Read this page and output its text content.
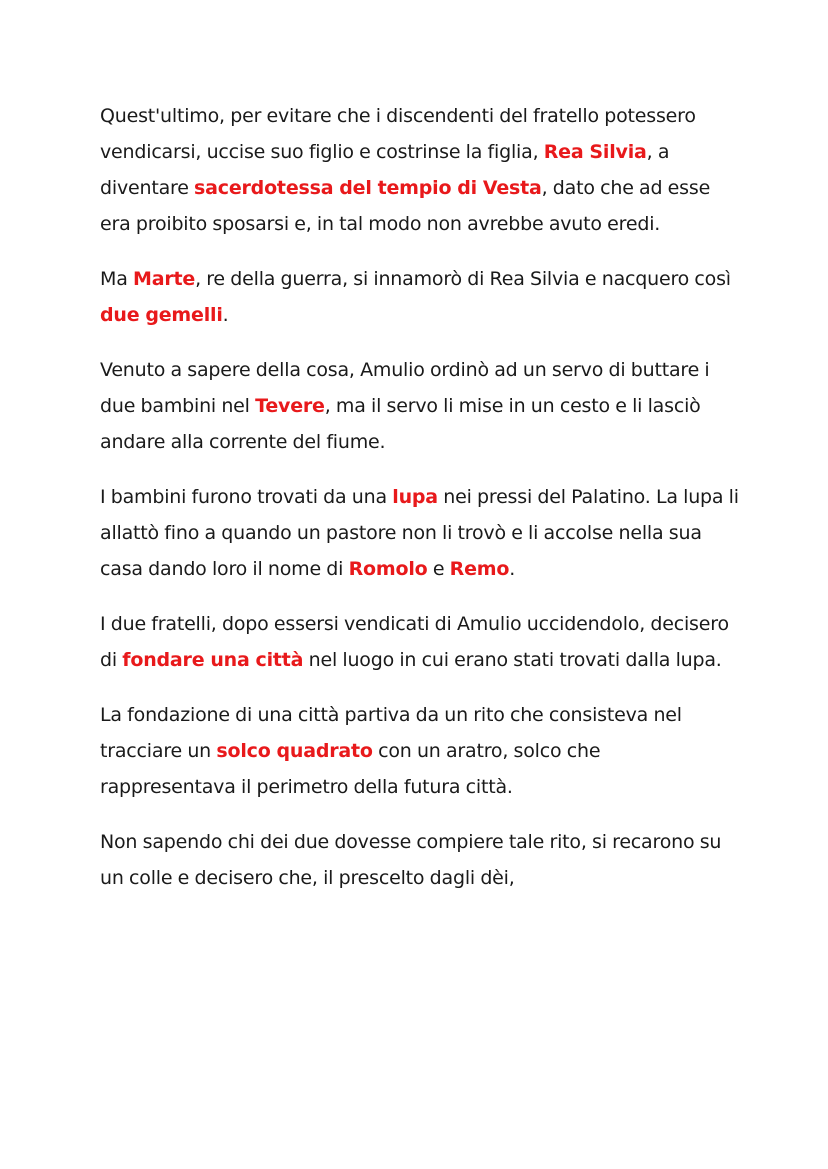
Quest'ultimo, per evitare che i discendenti del fratello potessero vendicarsi, uccise suo figlio e costrinse la figlia, Rea Silvia, a diventare sacerdotessa del tempio di Vesta, dato che ad esse era proibito sposarsi e, in tal modo non avrebbe avuto eredi.

Ma Marte, re della guerra, si innamorò di Rea Silvia e nacquero così due gemelli.

Venuto a sapere della cosa, Amulio ordinò ad un servo di buttare i due bambini nel Tevere, ma il servo li mise in un cesto e li lasciò andare alla corrente del fiume.

I bambini furono trovati da una lupa nei pressi del Palatino. La lupa li allattò fino a quando un pastore non li trovò e li accolse nella sua casa dando loro il nome di Romolo e Remo.

I due fratelli, dopo essersi vendicati di Amulio uccidendolo, decisero di fondare una città nel luogo in cui erano stati trovati dalla lupa.

La fondazione di una città partiva da un rito che consisteva nel tracciare un solco quadrato con un aratro, solco che rappresentava il perimetro della futura città.

Non sapendo chi dei due dovesse compiere tale rito, si recarono su un colle e decisero che, il prescelto dagli dèi,
